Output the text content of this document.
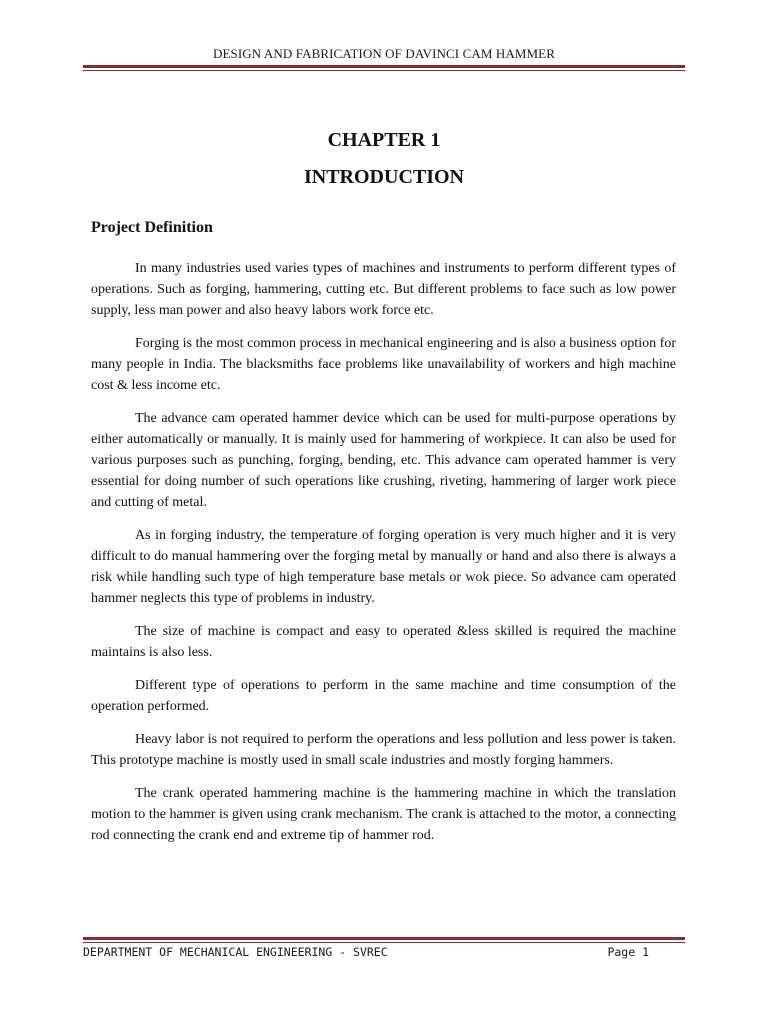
DESIGN AND FABRICATION OF DAVINCI CAM HAMMER
CHAPTER 1
INTRODUCTION
Project Definition

In many industries used varies types of machines and instruments to perform different types of operations. Such as forging, hammering, cutting etc. But different problems to face such as low power supply, less man power and also heavy labors work force etc.

Forging is the most common process in mechanical engineering and is also a business option for many people in India. The blacksmiths face problems like unavailability of workers and high machine cost & less income etc.

The advance cam operated hammer device which can be used for multi-purpose operations by either automatically or manually. It is mainly used for hammering of workpiece. It can also be used for various purposes such as punching, forging, bending, etc. This advance cam operated hammer is very essential for doing number of such operations like crushing, riveting, hammering of larger work piece and cutting of metal.

As in forging industry, the temperature of forging operation is very much higher and it is very difficult to do manual hammering over the forging metal by manually or hand and also there is always a risk while handling such type of high temperature base metals or wok piece. So advance cam operated hammer neglects this type of problems in industry.

The size of machine is compact and easy to operated &less skilled is required the machine maintains is also less.

Different type of operations to perform in the same machine and time consumption of the operation performed.

Heavy labor is not required to perform the operations and less pollution and less power is taken. This prototype machine is mostly used in small scale industries and mostly forging hammers.

The crank operated hammering machine is the hammering machine in which the translation motion to the hammer is given using crank mechanism. The crank is attached to the motor, a connecting rod connecting the crank end and extreme tip of hammer rod.

DEPARTMENT OF MECHANICAL ENGINEERING - SVREC	Page 1
